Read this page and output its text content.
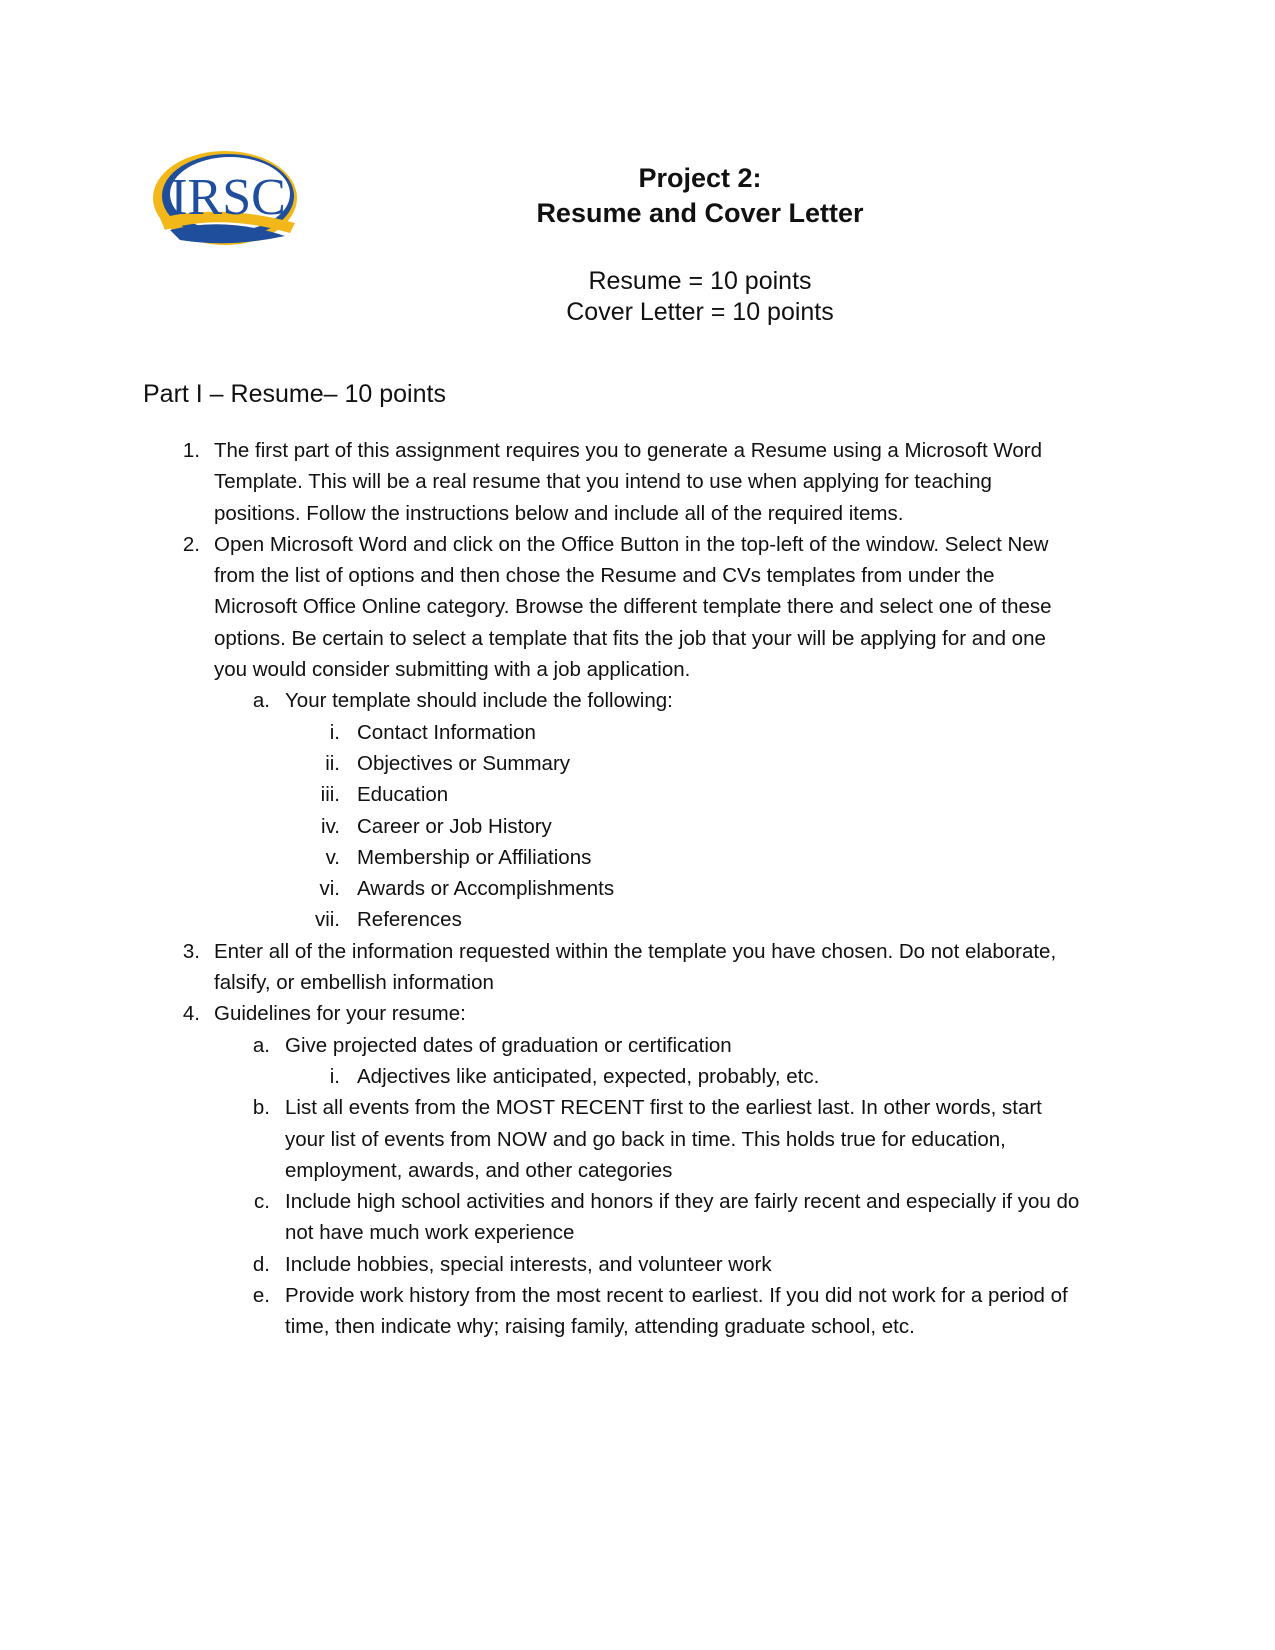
IRSC	Project 2:
Resume and Cover Letter
Resume = 10 points
Cover Letter = 10 points
Part I – Resume– 10 points
1. The first part of this assignment requires you to generate a Resume using a Microsoft Word Template. This will be a real resume that you intend to use when applying for teaching positions. Follow the instructions below and include all of the required items.
2. Open Microsoft Word and click on the Office Button in the top-left of the window. Select New from the list of options and then chose the Resume and CVs templates from under the Microsoft Office Online category. Browse the different template there and select one of these options. Be certain to select a template that fits the job that your will be applying for and one you would consider submitting with a job application.
a. Your template should include the following:
i. Contact Information
ii. Objectives or Summary
iii. Education
iv. Career or Job History
v. Membership or Affiliations
vi. Awards or Accomplishments
vii. References
3. Enter all of the information requested within the template you have chosen. Do not elaborate, falsify, or embellish information
4. Guidelines for your resume:
a. Give projected dates of graduation or certification
i. Adjectives like anticipated, expected, probably, etc.
b. List all events from the MOST RECENT first to the earliest last. In other words, start your list of events from NOW and go back in time. This holds true for education, employment, awards, and other categories
c. Include high school activities and honors if they are fairly recent and especially if you do not have much work experience
d. Include hobbies, special interests, and volunteer work
e. Provide work history from the most recent to earliest. If you did not work for a period of time, then indicate why; raising family, attending graduate school, etc.
